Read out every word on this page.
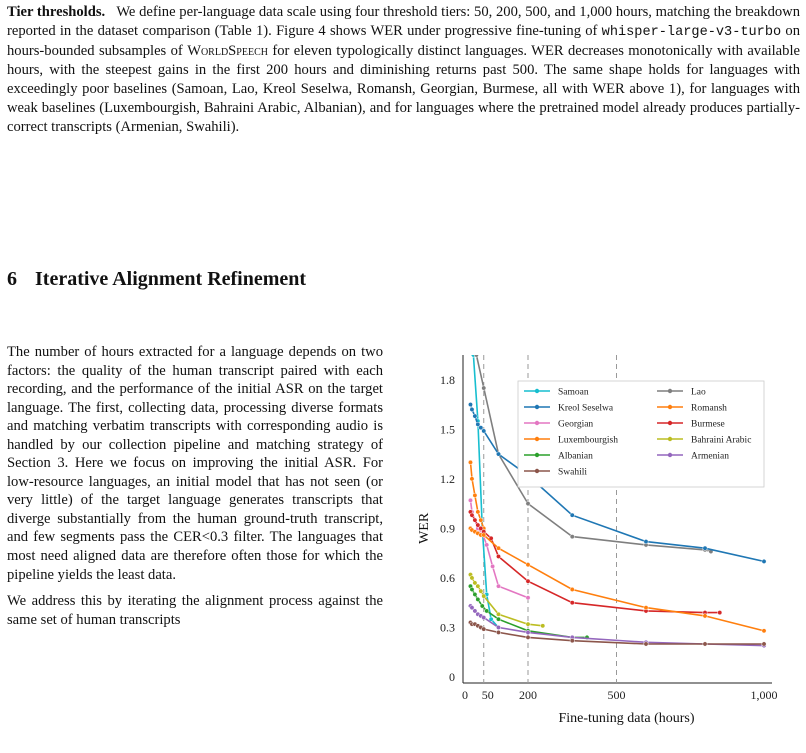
Tier thresholds. We define per-language data scale using four threshold tiers: 50, 200, 500, and 1,000 hours, matching the breakdown reported in the dataset comparison (Table 1). Figure 4 shows WER under progressive fine-tuning of whisper-large-v3-turbo on hours-bounded subsamples of WorldSpeech for eleven typologically distinct languages. WER decreases monotonically with available hours, with the steepest gains in the first 200 hours and diminishing returns past 500. The same shape holds for languages with exceedingly poor baselines (Samoan, Lao, Kreol Seselwa, Romansh, Georgian, Burmese, all with WER above 1), for languages with weak baselines (Luxembourgish, Bahraini Arabic, Albanian), and for languages where the pretrained model already produces partially-correct transcripts (Armenian, Swahili).
6 Iterative Alignment Refinement

The number of hours extracted for a language depends on two factors: the quality of the human transcript paired with each recording, and the performance of the initial ASR on the target language. The first, collecting data, processing diverse formats and matching verbatim transcripts with corresponding audio is handled by our collection pipeline and matching strategy of Section 3. Here we focus on improving the initial ASR. For low-resource languages, an initial model that has not seen (or very little) of the target language generates transcripts that diverge substantially from the human ground-truth transcript, and few segments pass the CER<0.3 filter. The languages that most need aligned data are therefore often those for which the pipeline yields the least data.

We address this by iterating the alignment process against the same set of human transcripts

0
0.3
0.6
0.9
1.2
1.5
1.8
0 50 200	500	1,000
Fine-tuning data (hours)
WER
Samoan
Kreol Seselwa
Georgian
Luxembourgish
Albanian
Swahili
Lao
Romansh
Burmese
Bahraini Arabic
Armenian
